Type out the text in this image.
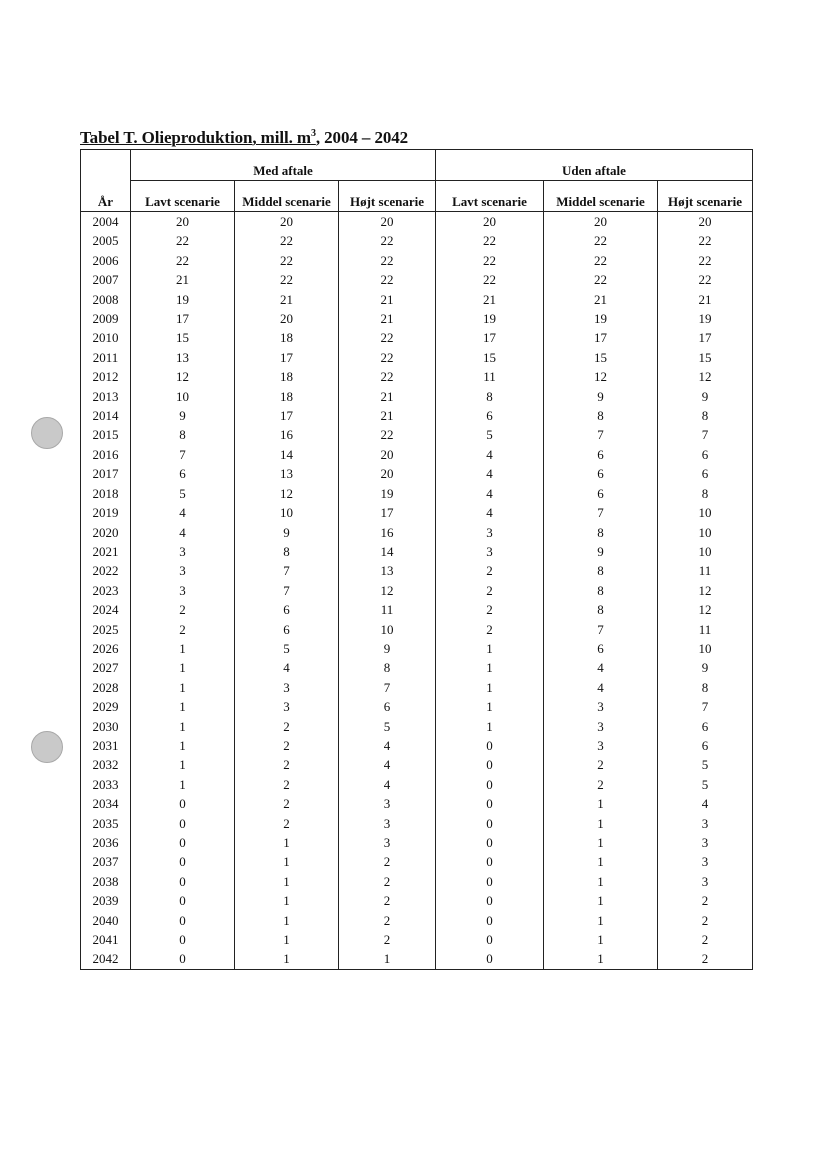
Tabel T. Olieproduktion, mill. $m^3$, 2004 – 2042
År	Med aftale			Uden aftale		
	Lavt scenarie	Middel scenarie	Højt scenarie	Lavt scenarie	Middel scenarie	Højt scenarie
2004	20	20	20	20	20	20
2005	22	22	22	22	22	22
2006	22	22	22	22	22	22
2007	21	22	22	22	22	22
2008	19	21	21	21	21	21
2009	17	20	21	19	19	19
2010	15	18	22	17	17	17
2011	13	17	22	15	15	15
2012	12	18	22	11	12	12
2013	10	18	21	8	9	9
2014	9	17	21	6	8	8
2015	8	16	22	5	7	7
2016	7	14	20	4	6	6
2017	6	13	20	4	6	6
2018	5	12	19	4	6	8
2019	4	10	17	4	7	10
2020	4	9	16	3	8	10
2021	3	8	14	3	9	10
2022	3	7	13	2	8	11
2023	3	7	12	2	8	12
2024	2	6	11	2	8	12
2025	2	6	10	2	7	11
2026	1	5	9	1	6	10
2027	1	4	8	1	4	9
2028	1	3	7	1	4	8
2029	1	3	6	1	3	7
2030	1	2	5	1	3	6
2031	1	2	4	0	3	6
2032	1	2	4	0	2	5
2033	1	2	4	0	2	5
2034	0	2	3	0	1	4
2035	0	2	3	0	1	3
2036	0	1	3	0	1	3
2037	0	1	2	0	1	3
2038	0	1	2	0	1	3
2039	0	1	2	0	1	2
2040	0	1	2	0	1	2
2041	0	1	2	0	1	2
2042	0	1	1	0	1	2
